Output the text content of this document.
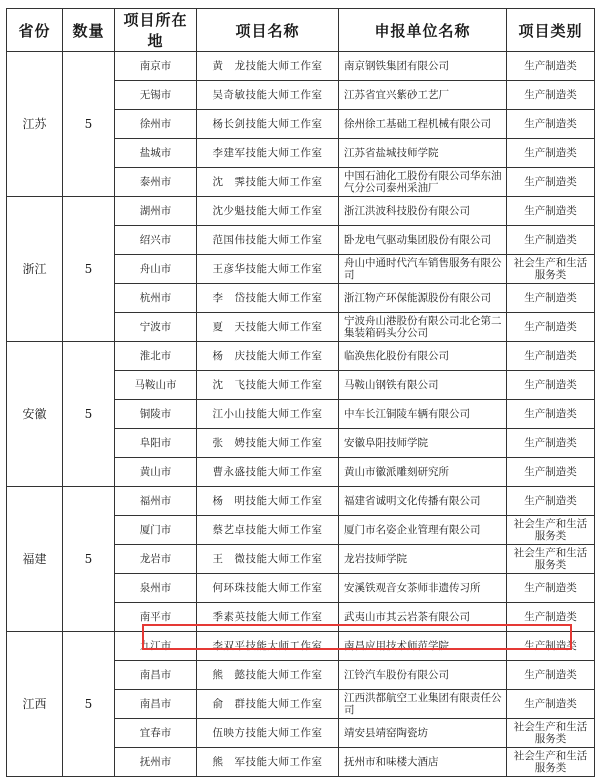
省份	数量	项目所在地	项目名称	申报单位名称	项目类别
江苏	5	南京市	黄　龙技能大师工作室	南京钢铁集团有限公司	生产制造类
		无锡市	吴奇敏技能大师工作室	江苏省宜兴紫砂工艺厂	生产制造类
		徐州市	杨长剑技能大师工作室	徐州徐工基础工程机械有限公司	生产制造类
		盐城市	李建军技能大师工作室	江苏省盐城技师学院	生产制造类
		泰州市	沈　霁技能大师工作室	中国石油化工股份有限公司华东油气分公司泰州采油厂	生产制造类
浙江	5	湖州市	沈少魁技能大师工作室	浙江洪波科技股份有限公司	生产制造类
		绍兴市	范国伟技能大师工作室	卧龙电气驱动集团股份有限公司	生产制造类
		舟山市	王彦华技能大师工作室	舟山中通时代汽车销售服务有限公司	社会生产和生活服务类
		杭州市	李　岱技能大师工作室	浙江物产环保能源股份有限公司	生产制造类
		宁波市	夏　天技能大师工作室	宁波舟山港股份有限公司北仑第二集装箱码头分公司	生产制造类
安徽	5	淮北市	杨　庆技能大师工作室	临涣焦化股份有限公司	生产制造类
		马鞍山市	沈　飞技能大师工作室	马鞍山钢铁有限公司	生产制造类
		铜陵市	江小山技能大师工作室	中车长江铜陵车辆有限公司	生产制造类
		阜阳市	张　娉技能大师工作室	安徽阜阳技师学院	生产制造类
		黄山市	曹永盛技能大师工作室	黄山市徽派雕刻研究所	生产制造类
福建	5	福州市	杨　明技能大师工作室	福建省诚明文化传播有限公司	生产制造类
		厦门市	蔡艺卓技能大师工作室	厦门市名姿企业管理有限公司	社会生产和生活服务类
		龙岩市	王　微技能大师工作室	龙岩技师学院	社会生产和生活服务类
		泉州市	何环珠技能大师工作室	安溪铁观音女茶师非遗传习所	生产制造类
		南平市	季素英技能大师工作室	武夷山市其云岩茶有限公司	生产制造类
江西	5	九江市	李双平技能大师工作室	南昌应用技术师范学院	生产制造类
		南昌市	熊　懿技能大师工作室	江铃汽车股份有限公司	生产制造类
		南昌市	俞　群技能大师工作室	江西洪都航空工业集团有限责任公司	生产制造类
		宜春市	伍映方技能大师工作室	靖安县靖窑陶瓷坊	社会生产和生活服务类
		抚州市	熊　军技能大师工作室	抚州市和味楼大酒店	社会生产和生活服务类
